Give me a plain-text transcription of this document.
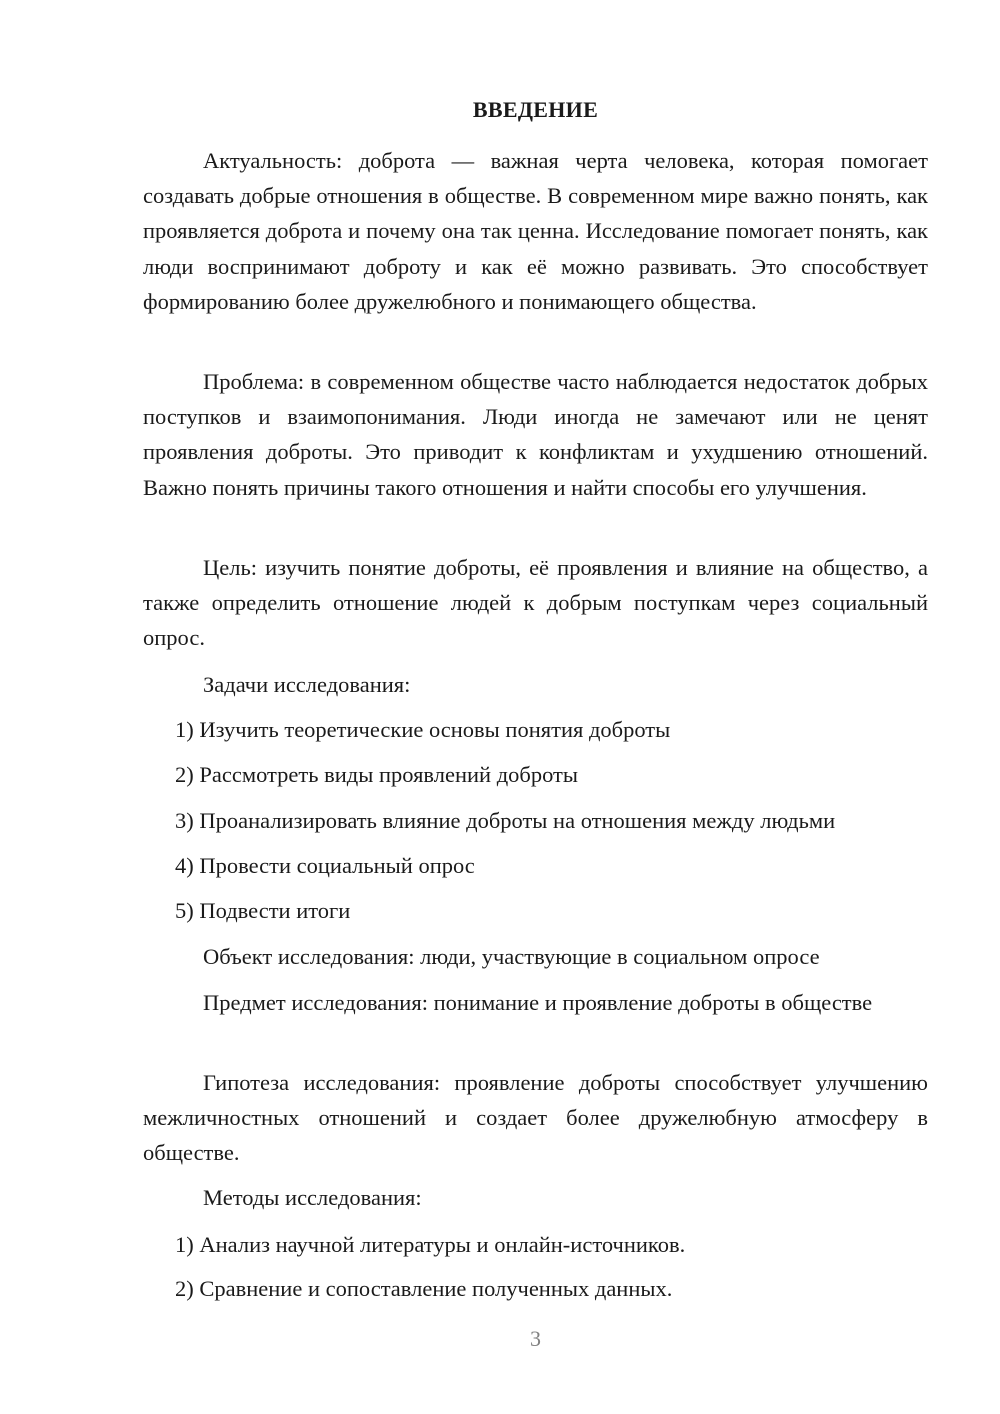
ВВЕДЕНИЕ

Актуальность: доброта — важная черта человека, которая помогает создавать добрые отношения в обществе. В современном мире важно понять, как проявляется доброта и почему она так ценна. Исследование помогает понять, как люди воспринимают доброту и как её можно развивать. Это способствует формированию более дружелюбного и понимающего общества.

Проблема: в современном обществе часто наблюдается недостаток добрых поступков и взаимопонимания. Люди иногда не замечают или не ценят проявления доброты. Это приводит к конфликтам и ухудшению отношений. Важно понять причины такого отношения и найти способы его улучшения.

Цель: изучить понятие доброты, её проявления и влияние на общество, а также определить отношение людей к добрым поступкам через социальный опрос.

Задачи исследования:

1) Изучить теоретические основы понятия доброты

2) Рассмотреть виды проявлений доброты

3) Проанализировать влияние доброты на отношения между людьми

4) Провести социальный опрос

5) Подвести итоги

Объект исследования: люди, участвующие в социальном опросе

Предмет исследования: понимание и проявление доброты в обществе

Гипотеза исследования: проявление доброты способствует улучшению межличностных отношений и создает более дружелюбную атмосферу в обществе.

Методы исследования:

1) Анализ научной литературы и онлайн-источников.

2) Сравнение и сопоставление полученных данных.

3
